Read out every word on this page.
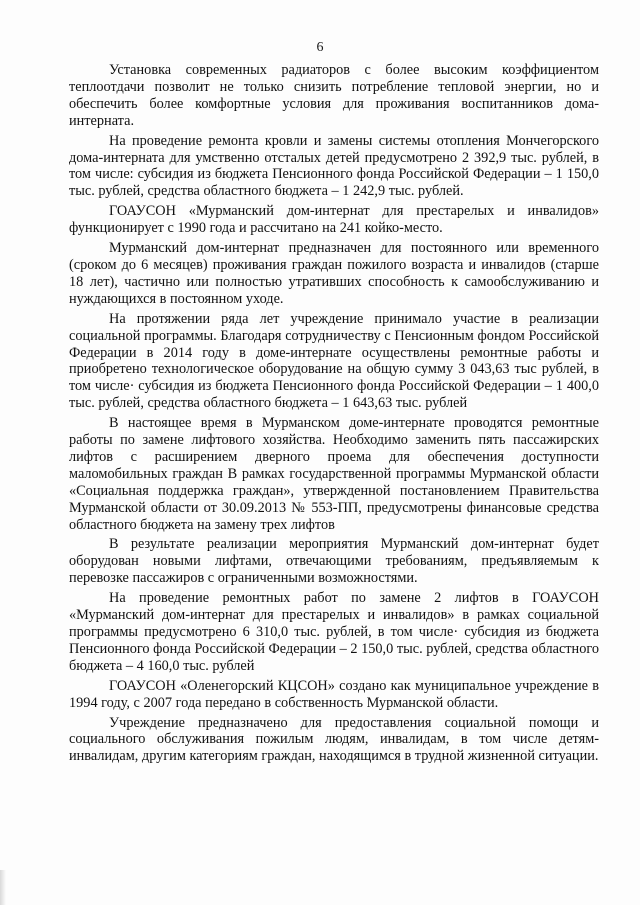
6

Установка современных радиаторов с более высоким коэффициентом теплоотдачи позволит не только снизить потребление тепловой энергии, но и обеспечить более комфортные условия для проживания воспитанников дома-интерната.

На проведение ремонта кровли и замены системы отопления Мончегорского дома-интерната для умственно отсталых детей предусмотрено 2 392,9 тыс. рублей, в том числе: субсидия из бюджета Пенсионного фонда Российской Федерации – 1 150,0 тыс. рублей, средства областного бюджета – 1 242,9 тыс. рублей.

ГОАУСОН «Мурманский дом-интернат для престарелых и инвалидов» функционирует с 1990 года и рассчитано на 241 койко-место.

Мурманский дом-интернат предназначен для постоянного или временного (сроком до 6 месяцев) проживания граждан пожилого возраста и инвалидов (старше 18 лет), частично или полностью утративших способность к самообслуживанию и нуждающихся в постоянном уходе.

На протяжении ряда лет учреждение принимало участие в реализации социальной программы. Благодаря сотрудничеству с Пенсионным фондом Российской Федерации в 2014 году в доме-интернате осуществлены ремонтные работы и приобретено технологическое оборудование на общую сумму 3 043,63 тыс рублей, в том числе· субсидия из бюджета Пенсионного фонда Российской Федерации – 1 400,0 тыс. рублей, средства областного бюджета – 1 643,63 тыс. рублей

В настоящее время в Мурманском доме-интернате проводятся ремонтные работы по замене лифтового хозяйства. Необходимо заменить пять пассажирских лифтов с расширением дверного проема для обеспечения доступности маломобильных граждан В рамках государственной программы Мурманской области «Социальная поддержка граждан», утвержденной постановлением Правительства Мурманской области от 30.09.2013 № 553-ПП, предусмотрены финансовые средства областного бюджета на замену трех лифтов

В результате реализации мероприятия Мурманский дом-интернат будет оборудован новыми лифтами, отвечающими требованиям, предъявляемым к перевозке пассажиров с ограниченными возможностями.

На проведение ремонтных работ по замене 2 лифтов в ГОАУСОН «Мурманский дом-интернат для престарелых и инвалидов» в рамках социальной программы предусмотрено 6 310,0 тыс. рублей, в том числе· субсидия из бюджета Пенсионного фонда Российской Федерации – 2 150,0 тыс. рублей, средства областного бюджета – 4 160,0 тыс. рублей

ГОАУСОН «Оленегорский КЦСОН» создано как муниципальное учреждение в 1994 году, с 2007 года передано в собственность Мурманской области.

Учреждение предназначено для предоставления социальной помощи и социального обслуживания пожилым людям, инвалидам, в том числе детям-инвалидам, другим категориям граждан, находящимся в трудной жизненной ситуации.
